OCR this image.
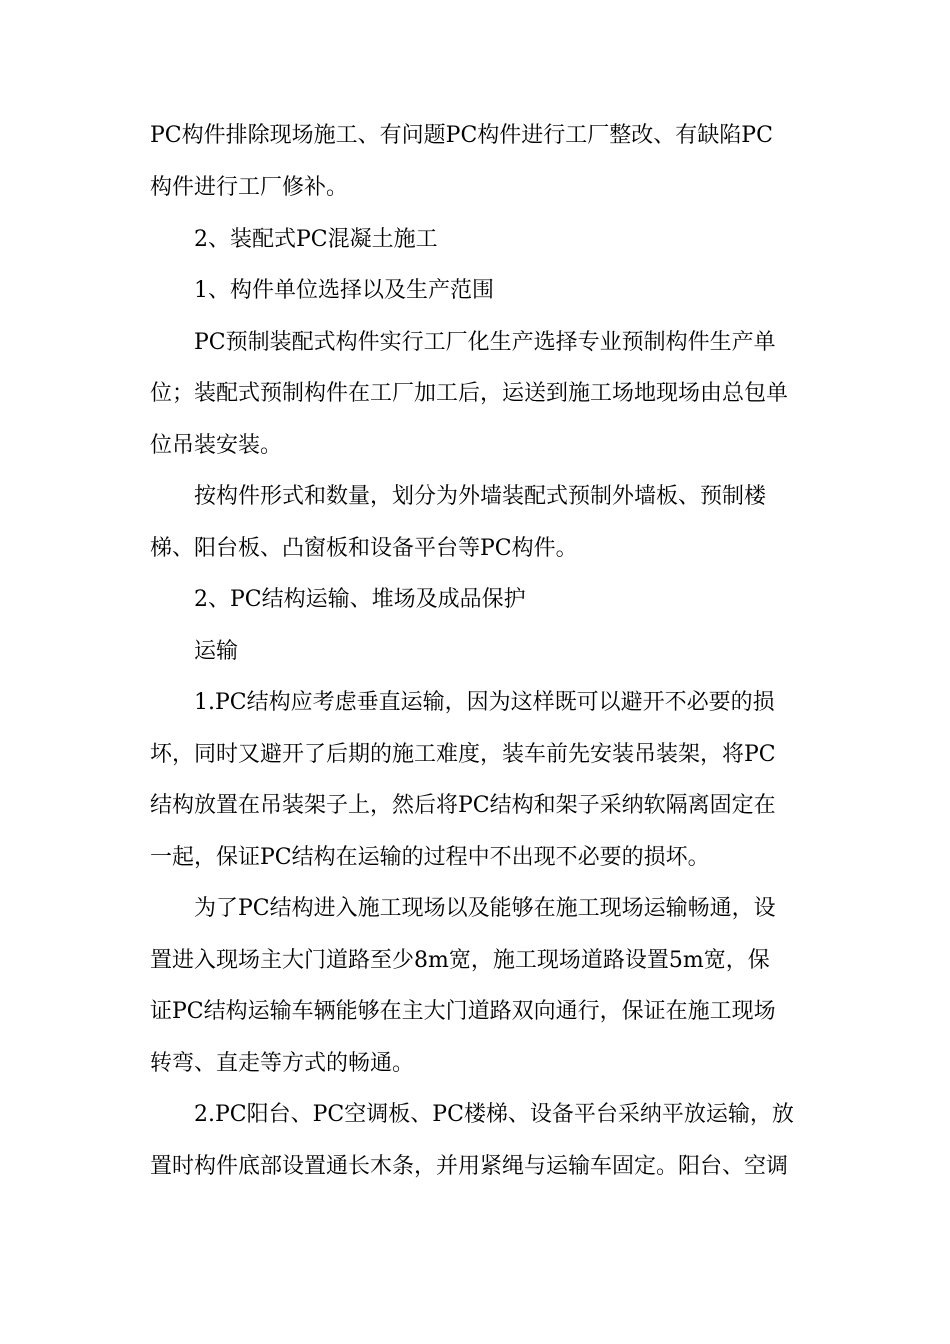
PC构件排除现场施工、有问题PC构件进行工厂整改、有缺陷PC
构件进行工厂修补。
2、装配式PC混凝土施工
1、构件单位选择以及生产范围
PC预制装配式构件实行工厂化生产选择专业预制构件生产单
位；装配式预制构件在工厂加工后，运送到施工场地现场由总包单
位吊装安装。
按构件形式和数量，划分为外墙装配式预制外墙板、预制楼
梯、阳台板、凸窗板和设备平台等PC构件。
2、PC结构运输、堆场及成品保护
运输
1.PC结构应考虑垂直运输，因为这样既可以避开不必要的损
坏，同时又避开了后期的施工难度，装车前先安装吊装架，将PC
结构放置在吊装架子上，然后将PC结构和架子采纳软隔离固定在
一起，保证PC结构在运输的过程中不出现不必要的损坏。
为了PC结构进入施工现场以及能够在施工现场运输畅通，设
置进入现场主大门道路至少8m宽，施工现场道路设置5m宽，保
证PC结构运输车辆能够在主大门道路双向通行，保证在施工现场
转弯、直走等方式的畅通。
2.PC阳台、PC空调板、PC楼梯、设备平台采纳平放运输，放
置时构件底部设置通长木条，并用紧绳与运输车固定。阳台、空调
